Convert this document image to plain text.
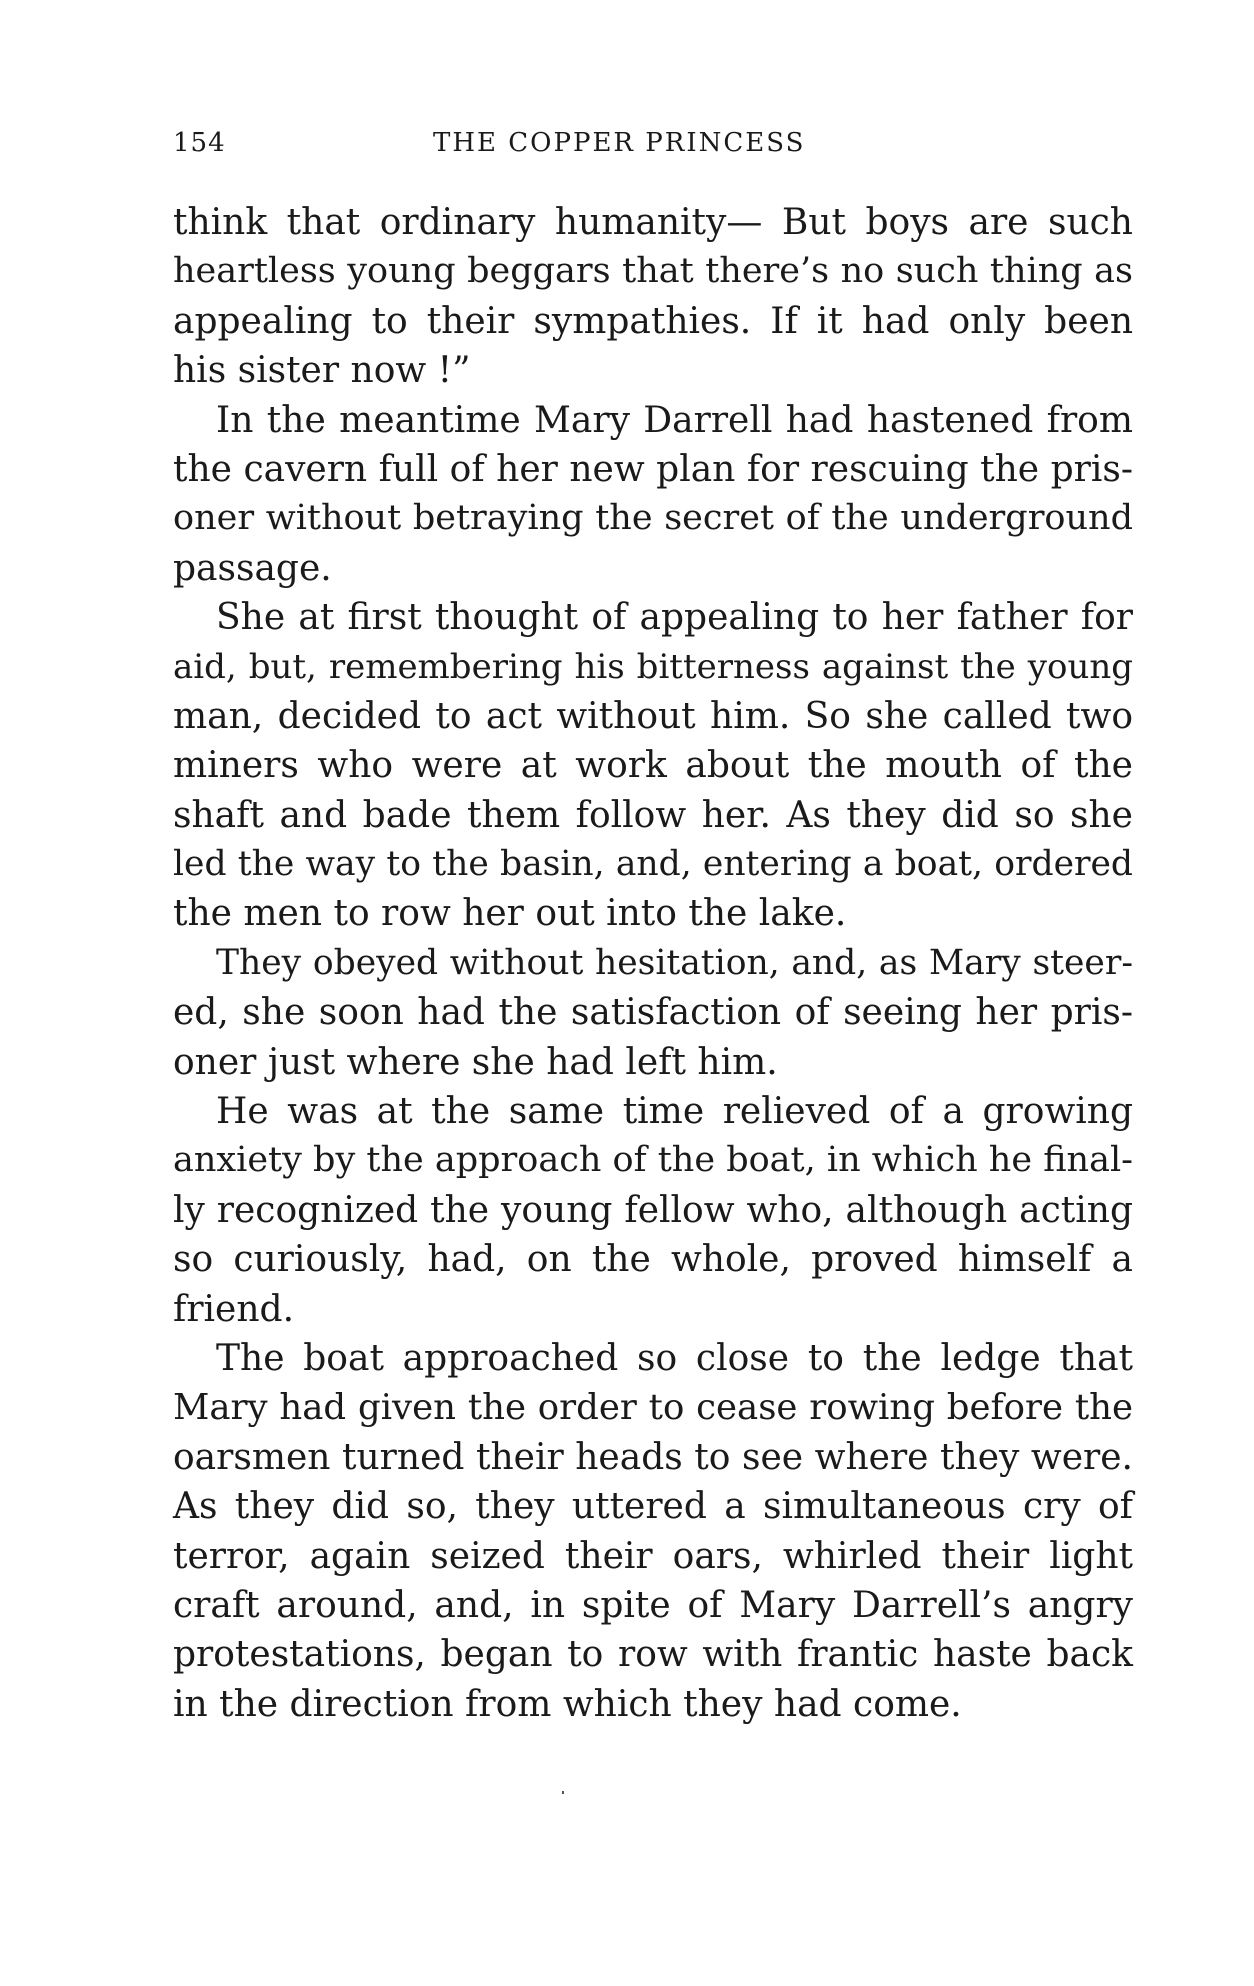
154	THE COPPER PRINCESS
think that ordinary humanity— But boys are such
heartless young beggars that there’s no such thing as
appealing to their sympathies. If it had only been
his sister now !”
In the meantime Mary Darrell had hastened from
the cavern full of her new plan for rescuing the pris-
oner without betraying the secret of the underground
passage.
She at first thought of appealing to her father for
aid, but, remembering his bitterness against the young
man, decided to act without him. So she called two
miners who were at work about the mouth of the
shaft and bade them follow her. As they did so she
led the way to the basin, and, entering a boat, ordered
the men to row her out into the lake.
They obeyed without hesitation, and, as Mary steer-
ed, she soon had the satisfaction of seeing her pris-
oner just where she had left him.
He was at the same time relieved of a growing
anxiety by the approach of the boat, in which he final-
ly recognized the young fellow who, although acting
so curiously, had, on the whole, proved himself a
friend.
The boat approached so close to the ledge that
Mary had given the order to cease rowing before the
oarsmen turned their heads to see where they were.
As they did so, they uttered a simultaneous cry of
terror, again seized their oars, whirled their light
craft around, and, in spite of Mary Darrell’s angry
protestations, began to row with frantic haste back
in the direction from which they had come.
